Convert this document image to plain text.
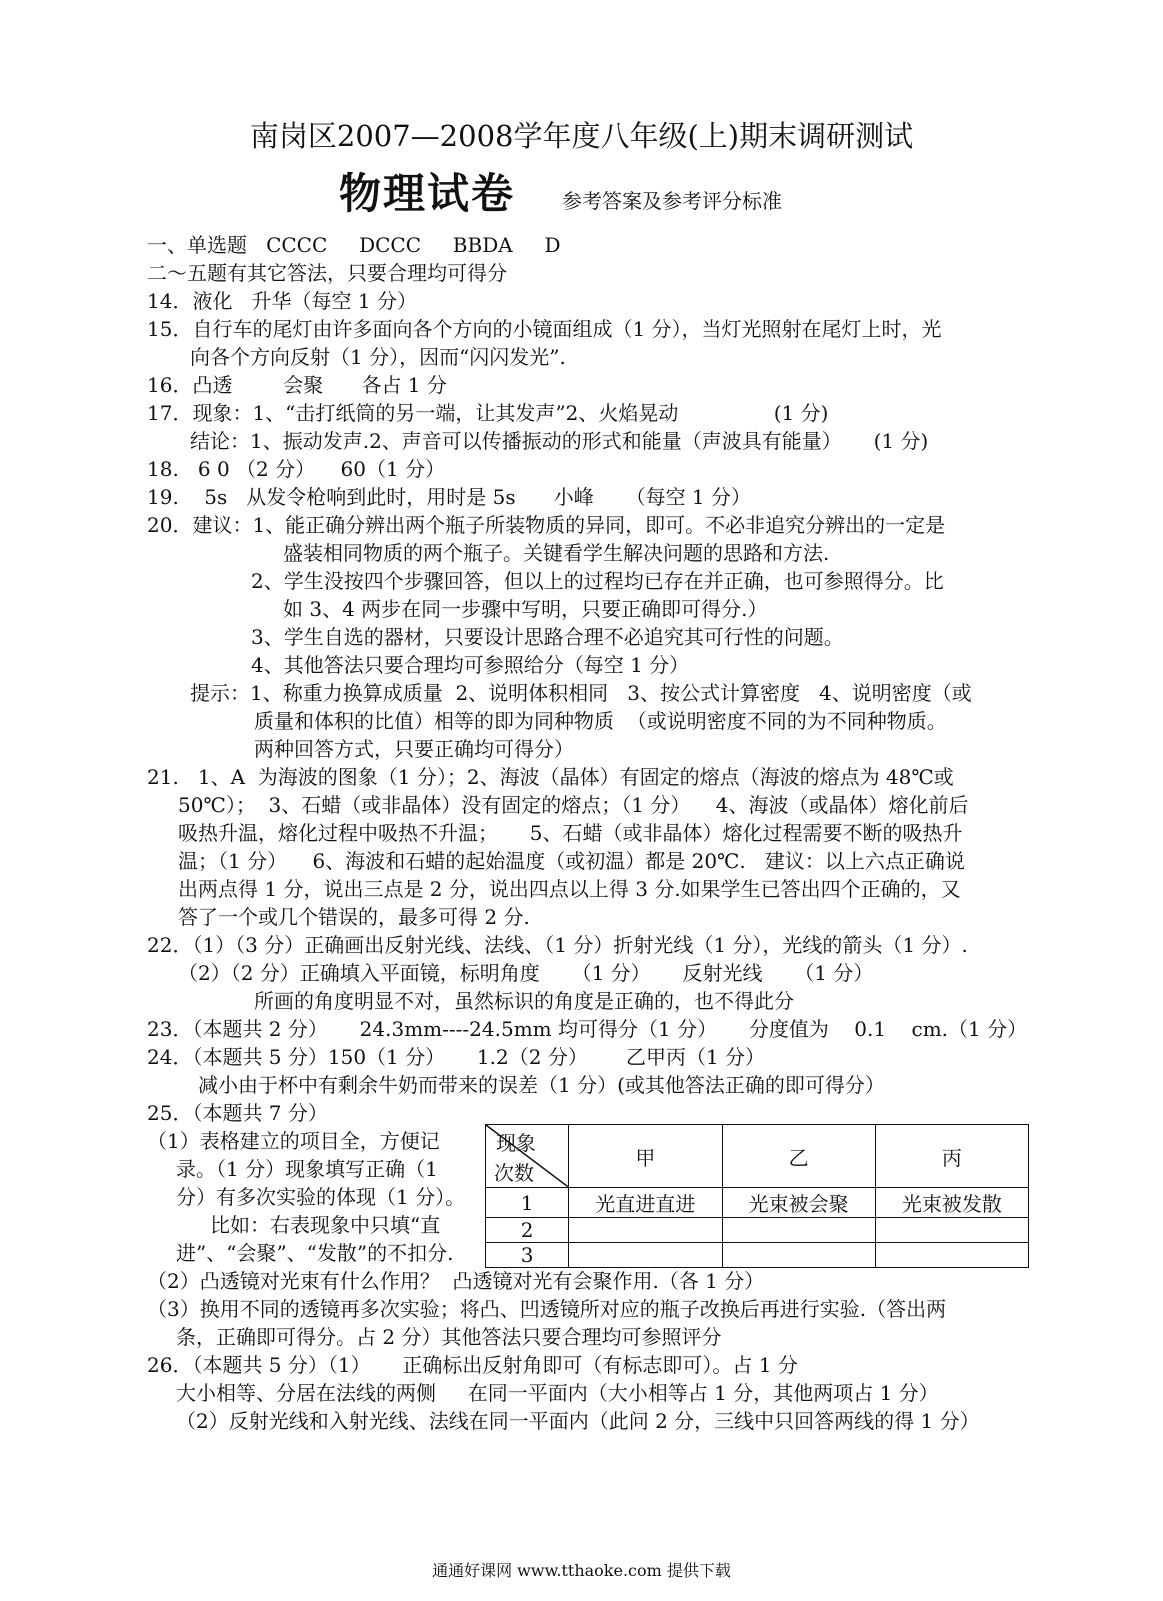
南岗区2007—2008学年度八年级(上)期末调研测试
物理试卷 参考答案及参考评分标准
一、单选题   CCCC     DCCC     BBDA     D
二～五题有其它答法，只要合理均可得分
14．液化   升华（每空 1 分）
15．自行车的尾灯由许多面向各个方向的小镜面组成（1 分），当灯光照射在尾灯上时，光
向各个方向反射（1 分），因而“闪闪发光”.
16．凸透        会聚      各占 1 分
17．现象：1、“击打纸筒的另一端，让其发声”2、火焰晃动               (1 分)
结论：1、振动发声.2、声音可以传播振动的形式和能量（声波具有能量）     (1 分)
18.   6 0 （2 分）    60（1 分）
19.    5s   从发令枪响到此时，用时是 5s      小峰     （每空 1 分）
20．建议：1、能正确分辨出两个瓶子所装物质的异同，即可。不必非追究分辨出的一定是
盛装相同物质的两个瓶子。关键看学生解决问题的思路和方法.
2、学生没按四个步骤回答，但以上的过程均已存在并正确，也可参照得分。比
如 3、4 两步在同一步骤中写明，只要正确即可得分.）
3、学生自选的器材，只要设计思路合理不必追究其可行性的问题。
4、其他答法只要合理均可参照给分（每空 1 分）
提示：1、称重力换算成质量  2、说明体积相同   3、按公式计算密度   4、说明密度（或
质量和体积的比值）相等的即为同种物质  （或说明密度不同的为不同种物质。
两种回答方式，只要正确均可得分）
21.   1、A  为海波的图象（1 分）；2、海波（晶体）有固定的熔点（海波的熔点为 48℃或
50℃）；  3、石蜡（或非晶体）没有固定的熔点；（1 分）    4、海波（或晶体）熔化前后
吸热升温，熔化过程中吸热不升温；     5、石蜡（或非晶体）熔化过程需要不断的吸热升
温；（1 分）    6、海波和石蜡的起始温度（或初温）都是 20℃.   建议：以上六点正确说
出两点得 1 分，说出三点是 2 分，说出四点以上得 3 分.如果学生已答出四个正确的，又
答了一个或几个错误的，最多可得 2 分.
22．（1）（3 分）正确画出反射光线、法线、（1 分）折射光线（1 分），光线的箭头（1 分）.
（2）（2 分）正确填入平面镜，标明角度     （1 分）     反射光线     （1 分）
所画的角度明显不对，虽然标识的角度是正确的，也不得此分
23．（本题共 2 分）     24.3mm----24.5mm 均可得分（1 分）     分度值为    0.1    cm.（1 分）
24．（本题共 5 分）150（1 分）     1.2（2 分）      乙甲丙（1 分）
减小由于杯中有剩余牛奶而带来的误差（1 分）(或其他答法正确的即可得分）
25．（本题共 7 分）
（1）表格建立的项目全，方便记
录。（1 分）现象填写正确（1
分）有多次实验的体现（1 分）。
比如：右表现象中只填“直
进”、“会聚”、“发散”的不扣分.
（2）凸透镜对光束有什么作用？  凸透镜对光有会聚作用.（各 1 分）
（3）换用不同的透镜再多次实验；将凸、凹透镜所对应的瓶子改换后再进行实验.（答出两
条，正确即可得分。占 2 分）其他答法只要合理均可参照评分
26．（本题共 5 分）（1）     正确标出反射角即可（有标志即可）。占 1 分
大小相等、分居在法线的两侧     在同一平面内（大小相等占 1 分，其他两项占 1 分）
（2）反射光线和入射光线、法线在同一平面内（此问 2 分，三线中只回答两线的得 1 分）
现象
次数	甲	乙	丙
1	光直进直进	光束被会聚	光束被发散
2			
3			
通通好课网 www.tthaoke.com 提供下载
